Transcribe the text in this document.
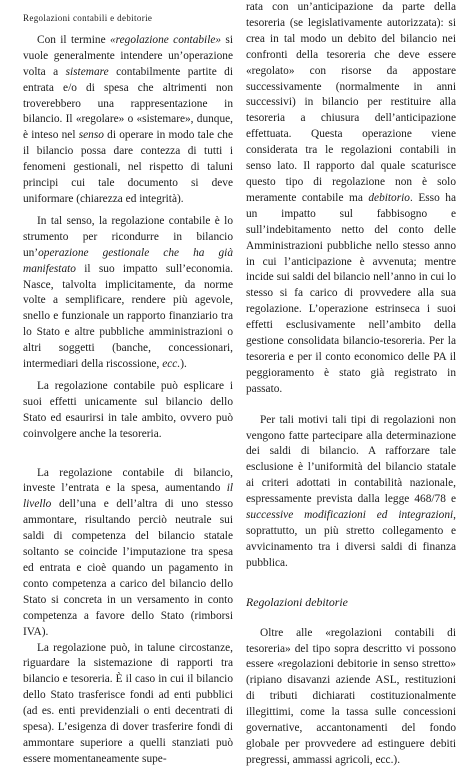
Regolazioni contabili e debitorie

Con il termine «regolazione contabile» si vuole generalmente intendere un’operazione volta a sistemare contabilmente partite di entrata e/o di spesa che altrimenti non troverebbero una rappresentazione in bilancio. Il «regolare» o «sistemare», dunque, è inteso nel senso di operare in modo tale che il bilancio possa dare contezza di tutti i fenomeni gestionali, nel rispetto di taluni principi cui tale documento si deve uniformare (chiarezza ed integrità).

In tal senso, la regolazione contabile è lo strumento per ricondurre in bilancio un’operazione gestionale che ha già manifestato il suo impatto sull’economia. Nasce, talvolta implicitamente, da norme volte a semplificare, rendere più agevole, snello e funzionale un rapporto finanziario tra lo Stato e altre pubbliche amministrazioni o altri soggetti (banche, concessionari, intermediari della riscossione, ecc.).

La regolazione contabile può esplicare i suoi effetti unicamente sul bilancio dello Stato ed esaurirsi in tale ambito, ovvero può coinvolgere anche la tesoreria.

La regolazione contabile di bilancio, investe l’entrata e la spesa, aumentando il livello dell’una e dell’altra di uno stesso ammontare, risultando perciò neutrale sui saldi di competenza del bilancio statale soltanto se coincide l’imputazione tra spesa ed entrata e cioè quando un pagamento in conto competenza a carico del bilancio dello Stato si concreta in un versamento in conto competenza a favore dello Stato (rimborsi IVA).

La regolazione può, in talune circostanze, riguardare la sistemazione di rapporti tra bilancio e tesoreria. È il caso in cui il bilancio dello Stato trasferisce fondi ad enti pubblici (ad es. enti previdenziali o enti decentrati di spesa). L’esigenza di dover trasferire fondi di ammontare superiore a quelli stanziati può essere momentaneamente supe-

rata con un’anticipazione da parte della tesoreria (se legislativamente autorizzata): si crea in tal modo un debito del bilancio nei confronti della tesoreria che deve essere «regolato» con risorse da appostare successivamente (normalmente in anni successivi) in bilancio per restituire alla tesoreria a chiusura dell’anticipazione effettuata. Questa operazione viene considerata tra le regolazioni contabili in senso lato. Il rapporto dal quale scaturisce questo tipo di regolazione non è solo meramente contabile ma debitorio. Esso ha un impatto sul fabbisogno e sull’indebitamento netto del conto delle Amministrazioni pubbliche nello stesso anno in cui l’anticipazione è avvenuta; mentre incide sui saldi del bilancio nell’anno in cui lo stesso si fa carico di provvedere alla sua regolazione. L’operazione estrinseca i suoi effetti esclusivamente nell’ambito della gestione consolidata bilancio-tesoreria. Per la tesoreria e per il conto economico delle PA il peggioramento è stato già registrato in passato.

Per tali motivi tali tipi di regolazioni non vengono fatte partecipare alla determinazione dei saldi di bilancio. A rafforzare tale esclusione è l’uniformità del bilancio statale ai criteri adottati in contabilità nazionale, espressamente prevista dalla legge 468/78 e successive modificazioni ed integrazioni, soprattutto, un più stretto collegamento e avvicinamento tra i diversi saldi di finanza pubblica.

Regolazioni debitorie

Oltre alle «regolazioni contabili di tesoreria» del tipo sopra descritto vi possono essere «regolazioni debitorie in senso stretto» (ripiano disavanzi aziende ASL, restituzioni di tributi dichiarati costituzionalmente illegittimi, come la tassa sulle concessioni governative, accantonamenti del fondo globale per provvedere ad estinguere debiti pregressi, ammassi agricoli, ecc.).
